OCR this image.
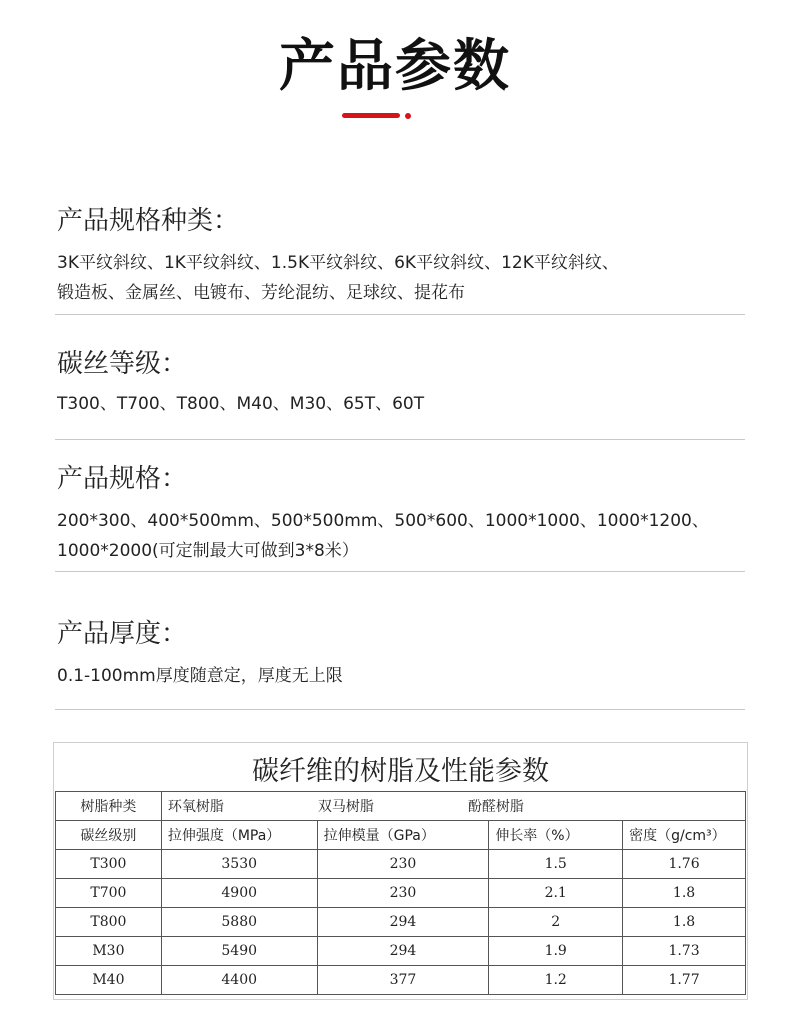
产品参数
产品规格种类：
3K平纹斜纹、1K平纹斜纹、1.5K平纹斜纹、6K平纹斜纹、12K平纹斜纹、
锻造板、金属丝、电镀布、芳纶混纺、足球纹、提花布
碳丝等级：
T300、T700、T800、M40、M30、65T、60T
产品规格：
200*300、400*500mm、500*500mm、500*600、1000*1000、1000*1200、
1000*2000(可定制最大可做到3*8米）
产品厚度：
0.1-100mm厚度随意定，厚度无上限
碳纤维的树脂及性能参数
树脂种类	环氧树脂 双马树脂 酚醛树脂			
碳丝级别	拉伸强度（MPa）	拉伸模量（GPa）	伸长率（%）	密度（g/cm³）
T300	3530	230	1.5	1.76
T700	4900	230	2.1	1.8
T800	5880	294	2	1.8
M30	5490	294	1.9	1.73
M40	4400	377	1.2	1.77
